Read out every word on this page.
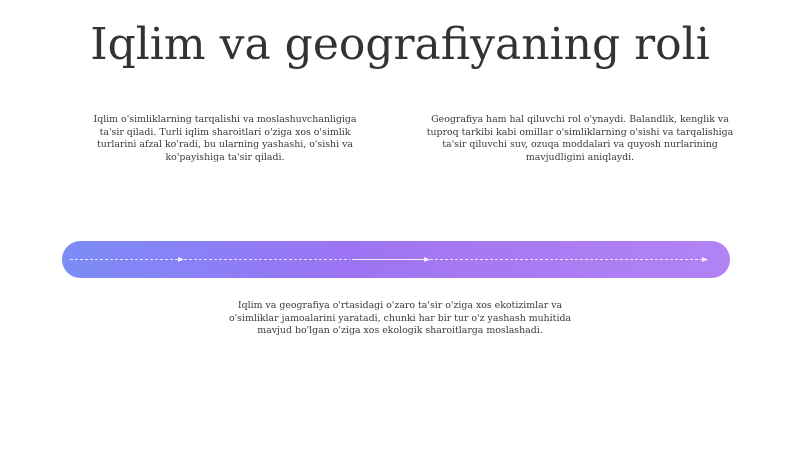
Iqlim va geografiyaning roli
Iqlim o'simliklarning tarqalishi va moslashuvchanligiga ta'sir qiladi. Turli iqlim sharoitlari o'ziga xos o'simlik turlarini afzal ko'radi, bu ularning yashashi, o'sishi va ko'payishiga ta'sir qiladi.
Geografiya ham hal qiluvchi rol o'ynaydi. Balandlik, kenglik va tuproq tarkibi kabi omillar o'simliklarning o'sishi va tarqalishiga ta'sir qiluvchi suv, ozuqa moddalari va quyosh nurlarining mavjudligini aniqlaydi.
Iqlim va geografiya o'rtasidagi o'zaro ta'sir o'ziga xos ekotizimlar va o'simliklar jamoalarini yaratadi, chunki har bir tur o'z yashash muhitida mavjud bo'lgan o'ziga xos ekologik sharoitlarga moslashadi.
